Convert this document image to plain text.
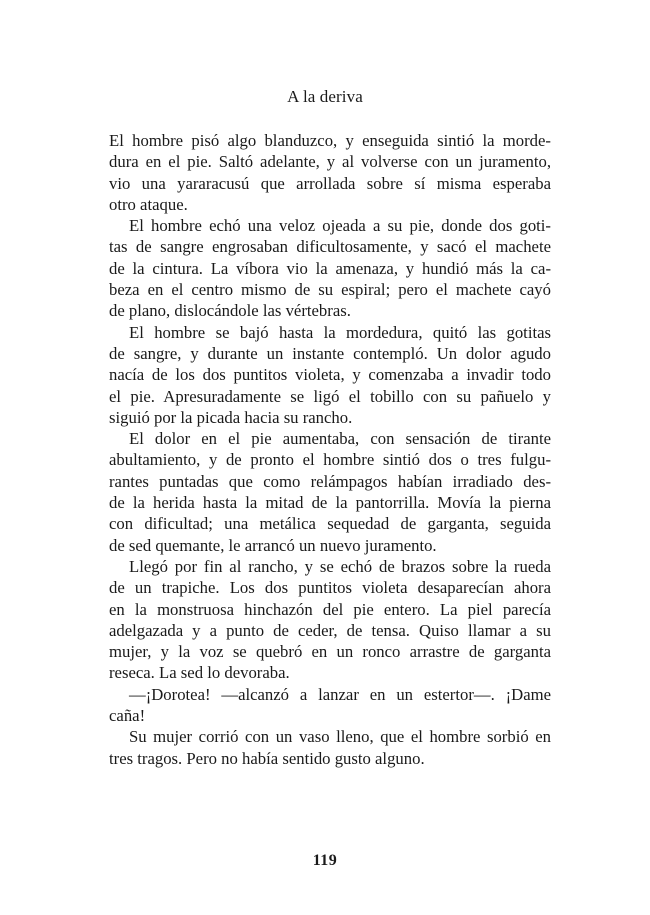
A la deriva
El hombre pisó algo blanduzco, y enseguida sintió la morde-
dura en el pie. Saltó adelante, y al volverse con un juramento,
vio una yararacusú que arrollada sobre sí misma esperaba
otro ataque.
El hombre echó una veloz ojeada a su pie, donde dos goti-
tas de sangre engrosaban dificultosamente, y sacó el machete
de la cintura. La víbora vio la amenaza, y hundió más la ca-
beza en el centro mismo de su espiral; pero el machete cayó
de plano, dislocándole las vértebras.
El hombre se bajó hasta la mordedura, quitó las gotitas
de sangre, y durante un instante contempló. Un dolor agudo
nacía de los dos puntitos violeta, y comenzaba a invadir todo
el pie. Apresuradamente se ligó el tobillo con su pañuelo y
siguió por la picada hacia su rancho.
El dolor en el pie aumentaba, con sensación de tirante
abultamiento, y de pronto el hombre sintió dos o tres fulgu-
rantes puntadas que como relámpagos habían irradiado des-
de la herida hasta la mitad de la pantorrilla. Movía la pierna
con dificultad; una metálica sequedad de garganta, seguida
de sed quemante, le arrancó un nuevo juramento.
Llegó por fin al rancho, y se echó de brazos sobre la rueda
de un trapiche. Los dos puntitos violeta desaparecían ahora
en la monstruosa hinchazón del pie entero. La piel parecía
adelgazada y a punto de ceder, de tensa. Quiso llamar a su
mujer, y la voz se quebró en un ronco arrastre de garganta
reseca. La sed lo devoraba.
—¡Dorotea! —alcanzó a lanzar en un estertor—. ¡Dame
caña!
Su mujer corrió con un vaso lleno, que el hombre sorbió en
tres tragos. Pero no había sentido gusto alguno.
119
